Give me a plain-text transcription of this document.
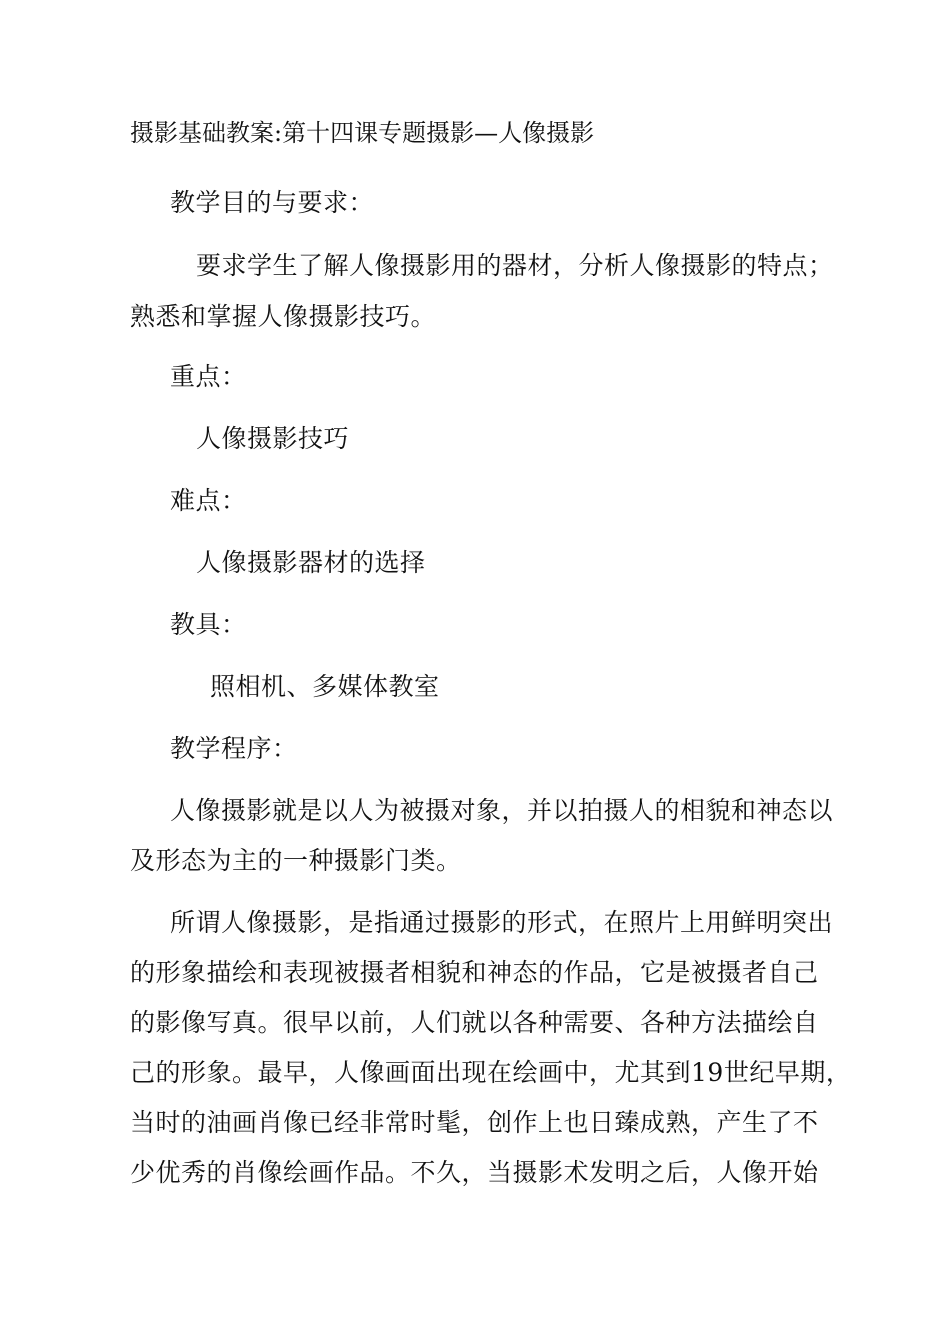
摄影基础教案:第十四课专题摄影—人像摄影
教学目的与要求：
要求学生了解人像摄影用的器材，分析人像摄影的特点；
熟悉和掌握人像摄影技巧。
重点：
人像摄影技巧
难点：
人像摄影器材的选择
教具：
照相机、多媒体教室
教学程序：
人像摄影就是以人为被摄对象，并以拍摄人的相貌和神态以
及形态为主的一种摄影门类。
所谓人像摄影，是指通过摄影的形式，在照片上用鲜明突出
的形象描绘和表现被摄者相貌和神态的作品，它是被摄者自己
的影像写真。很早以前，人们就以各种需要、各种方法描绘自
己的形象。最早，人像画面出现在绘画中，尤其到19世纪早期，
当时的油画肖像已经非常时髦，创作上也日臻成熟，产生了不
少优秀的肖像绘画作品。不久，当摄影术发明之后，人像开始
